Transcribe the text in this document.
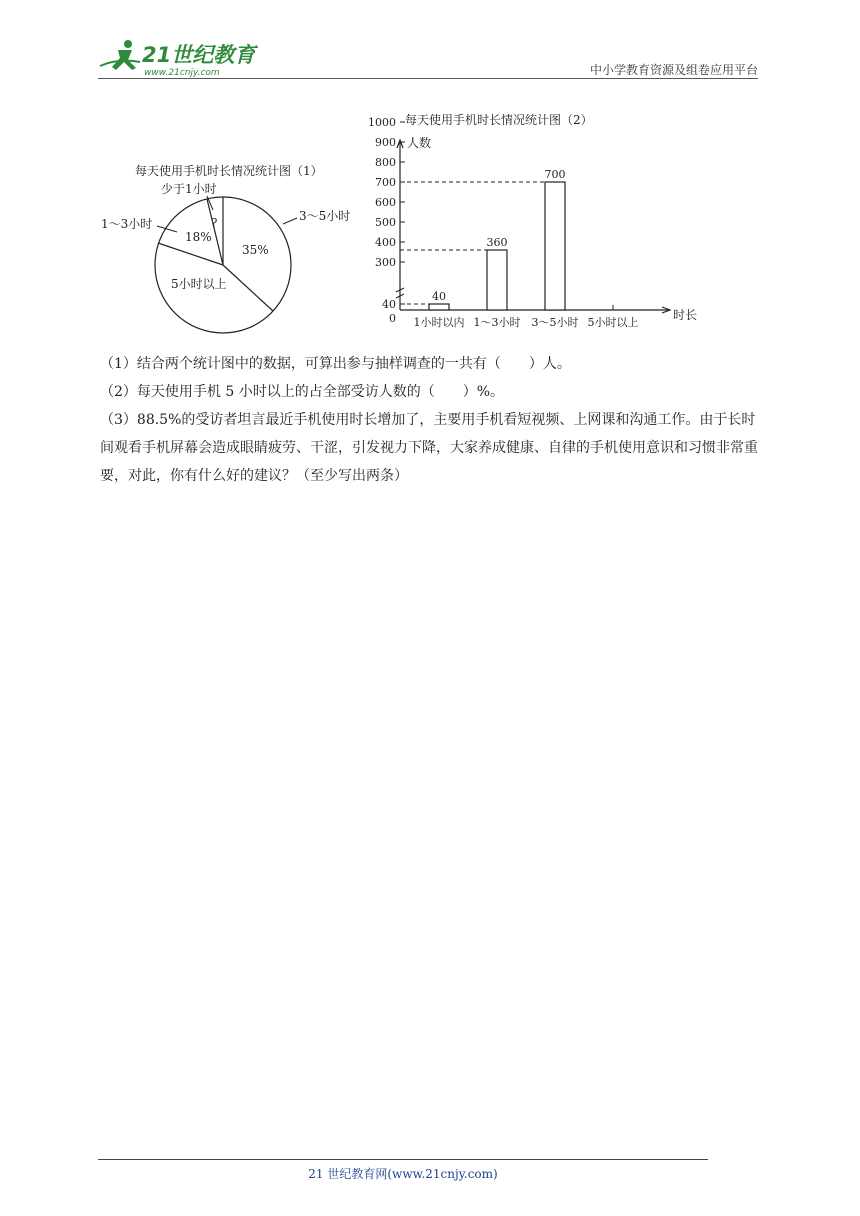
21世纪教育
www.21cnjy.com	中小学教育资源及组卷应用平台
每天使用手机时长情况统计图（1）
35%
18%
?
5小时以上
3～5小时
1～3小时
少于1小时
每天使用手机时长情况统计图（2）
人数
时长
0
40
300
400
500
600
700
800
900
1000
1小时以内
40
1～3小时
360
3～5小时
700
5小时以上

（1）结合两个统计图中的数据，可算出参与抽样调查的一共有（　　）人。

（2）每天使用手机 5 小时以上的占全部受访人数的（　　）%。

（3）88.5%的受访者坦言最近手机使用时长增加了，主要用手机看短视频、上网课和沟通工作。由于长时间观看手机屏幕会造成眼睛疲劳、干涩，引发视力下降，大家养成健康、自律的手机使用意识和习惯非常重要，对此，你有什么好的建议？（至少写出两条）

21 世纪教育网(www.21cnjy.com)
